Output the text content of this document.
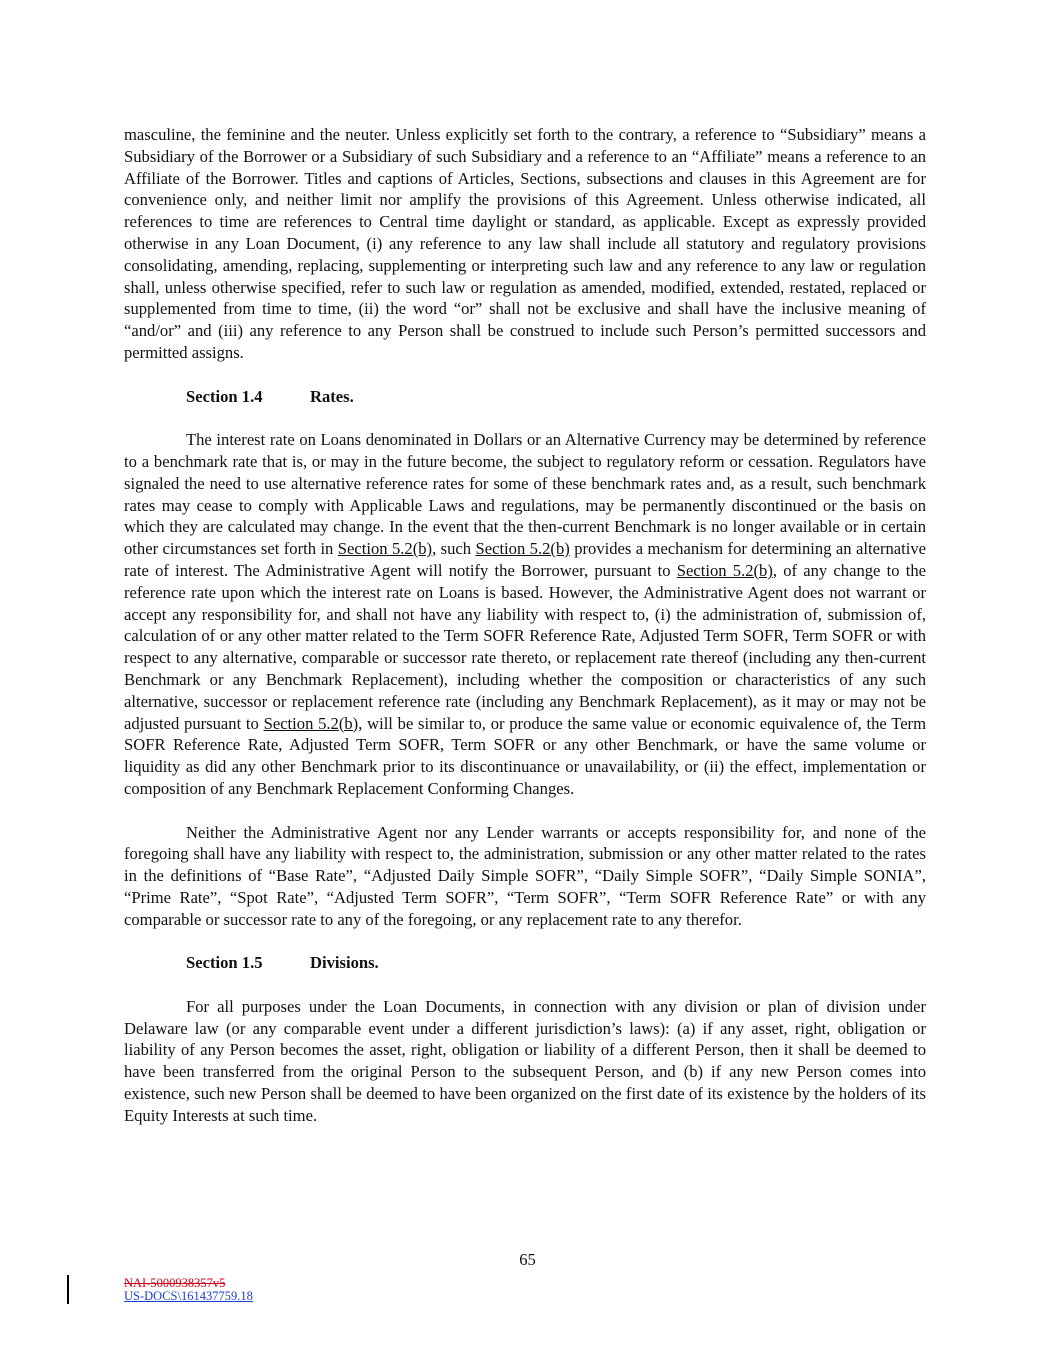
masculine, the feminine and the neuter. Unless explicitly set forth to the contrary, a reference to “Subsidiary” means a Subsidiary of the Borrower or a Subsidiary of such Subsidiary and a reference to an “Affiliate” means a reference to an Affiliate of the Borrower. Titles and captions of Articles, Sections, subsections and clauses in this Agreement are for convenience only, and neither limit nor amplify the provisions of this Agreement. Unless otherwise indicated, all references to time are references to Central time daylight or standard, as applicable. Except as expressly provided otherwise in any Loan Document, (i) any reference to any law shall include all statutory and regulatory provisions consolidating, amending, replacing, supplementing or interpreting such law and any reference to any law or regulation shall, unless otherwise specified, refer to such law or regulation as amended, modified, extended, restated, replaced or supplemented from time to time, (ii) the word “or” shall not be exclusive and shall have the inclusive meaning of “and/or” and (iii) any reference to any Person shall be construed to include such Person’s permitted successors and permitted assigns.

Section 1.4	Rates.

The interest rate on Loans denominated in Dollars or an Alternative Currency may be determined by reference to a benchmark rate that is, or may in the future become, the subject to regulatory reform or cessation. Regulators have signaled the need to use alternative reference rates for some of these benchmark rates and, as a result, such benchmark rates may cease to comply with Applicable Laws and regulations, may be permanently discontinued or the basis on which they are calculated may change. In the event that the then-current Benchmark is no longer available or in certain other circumstances set forth in Section 5.2(b), such Section 5.2(b) provides a mechanism for determining an alternative rate of interest. The Administrative Agent will notify the Borrower, pursuant to Section 5.2(b), of any change to the reference rate upon which the interest rate on Loans is based. However, the Administrative Agent does not warrant or accept any responsibility for, and shall not have any liability with respect to, (i) the administration of, submission of, calculation of or any other matter related to the Term SOFR Reference Rate, Adjusted Term SOFR, Term SOFR or with respect to any alternative, comparable or successor rate thereto, or replacement rate thereof (including any then-current Benchmark or any Benchmark Replacement), including whether the composition or characteristics of any such alternative, successor or replacement reference rate (including any Benchmark Replacement), as it may or may not be adjusted pursuant to Section 5.2(b), will be similar to, or produce the same value or economic equivalence of, the Term SOFR Reference Rate, Adjusted Term SOFR, Term SOFR or any other Benchmark, or have the same volume or liquidity as did any other Benchmark prior to its discontinuance or unavailability, or (ii) the effect, implementation or composition of any Benchmark Replacement Conforming Changes.

Neither the Administrative Agent nor any Lender warrants or accepts responsibility for, and none of the foregoing shall have any liability with respect to, the administration, submission or any other matter related to the rates in the definitions of “Base Rate”, “Adjusted Daily Simple SOFR”, “Daily Simple SOFR”, “Daily Simple SONIA”, “Prime Rate”, “Spot Rate”, “Adjusted Term SOFR”, “Term SOFR”, “Term SOFR Reference Rate” or with any comparable or successor rate to any of the foregoing, or any replacement rate to any therefor.

Section 1.5	Divisions.

For all purposes under the Loan Documents, in connection with any division or plan of division under Delaware law (or any comparable event under a different jurisdiction’s laws): (a) if any asset, right, obligation or liability of any Person becomes the asset, right, obligation or liability of a different Person, then it shall be deemed to have been transferred from the original Person to the subsequent Person, and (b) if any new Person comes into existence, such new Person shall be deemed to have been organized on the first date of its existence by the holders of its Equity Interests at such time.

65
NAI-5000938357v5
US-DOCS\161437759.18
